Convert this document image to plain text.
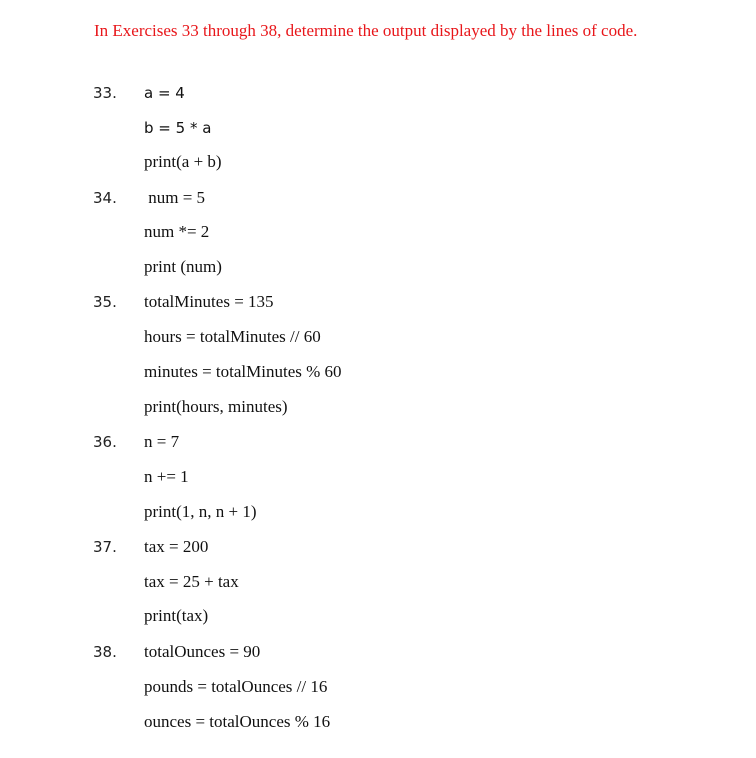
In Exercises 33 through 38, determine the output displayed by the lines of code.
33. a = 4
b = 5 * a
print(a + b)
34. num = 5
num *= 2
print (num)
35. totalMinutes = 135
hours = totalMinutes // 60
minutes = totalMinutes % 60
print(hours, minutes)
36. n = 7
n += 1
print(1, n, n + 1)
37. tax = 200
tax = 25 + tax
print(tax)
38. totalOunces = 90
pounds = totalOunces // 16
ounces = totalOunces % 16
